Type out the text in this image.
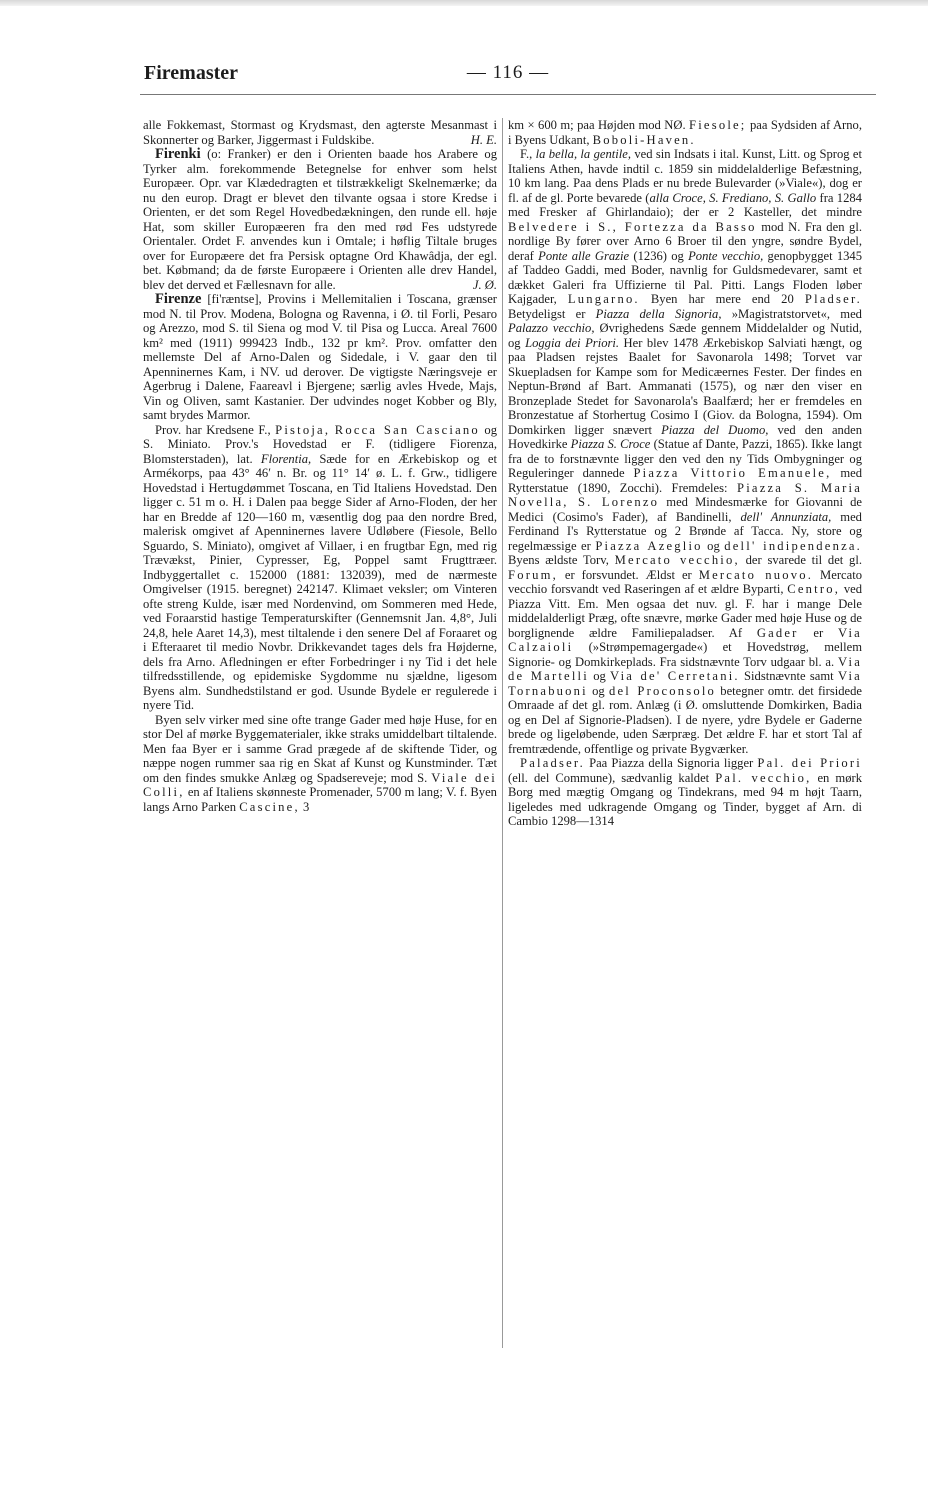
Firemaster	— 116 —

alle Fokkemast, Stormast og Krydsmast, den agterste Mesanmast i Skonnerter og Barker, Jiggermast i Fuldskibe.	H. E.

Firenki (o: Franker) er den i Orienten baade hos Arabere og Tyrker alm. forekommende Betegnelse for enhver som helst Europæer. Opr. var Klædedragten et tilstrækkeligt Skelnemærke; da nu den europ. Dragt er blevet den tilvante ogsaa i store Kredse i Orienten, er det som Regel Hovedbedækningen, den runde ell. høje Hat, som skiller Europæeren fra den med rød Fes udstyrede Orientaler. Ordet F. anvendes kun i Omtale; i høflig Tiltale bruges over for Europæere det fra Persisk optagne Ord Khawâdja, der egl. bet. Købmand; da de første Europæere i Orienten alle drev Handel, blev det derved et Fællesnavn for alle.	J. Ø.

Firenze [fi'ræntse], Provins i Mellemitalien i Toscana, grænser mod N. til Prov. Modena, Bologna og Ravenna, i Ø. til Forli, Pesaro og Arezzo, mod S. til Siena og mod V. til Pisa og Lucca. Areal 7600 km² med (1911) 999423 Indb., 132 pr km². Prov. omfatter den mellemste Del af Arno-Dalen og Sidedale, i V. gaar den til Apenninernes Kam, i NV. ud derover. De vigtigste Næringsveje er Agerbrug i Dalene, Faareavl i Bjergene; særlig avles Hvede, Majs, Vin og Oliven, samt Kastanier. Der udvindes noget Kobber og Bly, samt brydes Marmor.

Prov. har Kredsene F., Pistoja, Rocca San Casciano og S. Miniato. Prov.'s Hovedstad er F. (tidligere Fiorenza, Blomsterstaden), lat. Florentia, Sæde for en Ærkebiskop og et Armékorps, paa 43° 46′ n. Br. og 11° 14′ ø. L. f. Grw., tidligere Hovedstad i Hertugdømmet Toscana, en Tid Italiens Hovedstad. Den ligger c. 51 m o. H. i Dalen paa begge Sider af Arno-Floden, der her har en Bredde af 120—160 m, væsentlig dog paa den nordre Bred, malerisk omgivet af Apenninernes lavere Udløbere (Fiesole, Bello Sguardo, S. Miniato), omgivet af Villaer, i en frugtbar Egn, med rig Trævækst, Pinier, Cypresser, Eg, Poppel samt Frugttræer. Indbyggertallet c. 152000 (1881: 132039), med de nærmeste Omgivelser (1915. beregnet) 242147. Klimaet veksler; om Vinteren ofte streng Kulde, især med Nordenvind, om Sommeren med Hede, ved Foraarstid hastige Temperaturskifter (Gennemsnit Jan. 4,8°, Juli 24,8, hele Aaret 14,3), mest tiltalende i den senere Del af Foraaret og i Efteraaret til medio Novbr. Drikkevandet tages dels fra Højderne, dels fra Arno. Afledningen er efter Forbedringer i ny Tid i det hele tilfredsstillende, og epidemiske Sygdomme nu sjældne, ligesom Byens alm. Sundhedstilstand er god. Usunde Bydele er regulerede i nyere Tid.

Byen selv virker med sine ofte trange Gader med høje Huse, for en stor Del af mørke Byggematerialer, ikke straks umiddelbart tiltalende. Men faa Byer er i samme Grad prægede af de skiftende Tider, og næppe nogen rummer saa rig en Skat af Kunst og Kunstminder. Tæt om den findes smukke Anlæg og Spadsereveje; mod S. Viale dei Colli, en af Italiens skønneste Promenader, 5700 m lang; V. f. Byen langs Arno Parken Cascine, 3

km × 600 m; paa Højden mod NØ. Fiesole; paa Sydsiden af Arno, i Byens Udkant, Boboli-Haven.

F., la bella, la gentile, ved sin Indsats i ital. Kunst, Litt. og Sprog et Italiens Athen, havde indtil c. 1859 sin middelalderlige Befæstning, 10 km lang. Paa dens Plads er nu brede Bulevarder (»Viale«), dog er fl. af de gl. Porte bevarede (alla Croce, S. Frediano, S. Gallo fra 1284 med Fresker af Ghirlandaio); der er 2 Kasteller, det mindre Belvedere i S., Fortezza da Basso mod N. Fra den gl. nordlige By fører over Arno 6 Broer til den yngre, søndre Bydel, deraf Ponte alle Grazie (1236) og Ponte vecchio, genopbygget 1345 af Taddeo Gaddi, med Boder, navnlig for Guldsmedevarer, samt et dækket Galeri fra Uffizierne til Pal. Pitti. Langs Floden løber Kajgader, Lungarno. Byen har mere end 20 Pladser. Betydeligst er Piazza della Signoria, »Magistratstorvet«, med Palazzo vecchio, Øvrighedens Sæde gennem Middelalder og Nutid, og Loggia dei Priori. Her blev 1478 Ærkebiskop Salviati hængt, og paa Pladsen rejstes Baalet for Savonarola 1498; Torvet var Skuepladsen for Kampe som for Medicæernes Fester. Der findes en Neptun-Brønd af Bart. Ammanati (1575), og nær den viser en Bronzeplade Stedet for Savonarola's Baalfærd; her er fremdeles en Bronzestatue af Storhertug Cosimo I (Giov. da Bologna, 1594). Om Domkirken ligger snævert Piazza del Duomo, ved den anden Hovedkirke Piazza S. Croce (Statue af Dante, Pazzi, 1865). Ikke langt fra de to forstnævnte ligger den ved den ny Tids Ombygninger og Reguleringer dannede Piazza Vittorio Emanuele, med Rytterstatue (1890, Zocchi). Fremdeles: Piazza S. Maria Novella, S. Lorenzo med Mindesmærke for Giovanni de Medici (Cosimo's Fader), af Bandinelli, dell' Annunziata, med Ferdinand I's Rytterstatue og 2 Brønde af Tacca. Ny, store og regelmæssige er Piazza Azeglio og dell' indipendenza. Byens ældste Torv, Mercato vecchio, der svarede til det gl. Forum, er forsvundet. Ældst er Mercato nuovo. Mercato vecchio forsvandt ved Raseringen af et ældre Byparti, Centro, ved Piazza Vitt. Em. Men ogsaa det nuv. gl. F. har i mange Dele middelalderligt Præg, ofte snævre, mørke Gader med høje Huse og de borglignende ældre Familiepaladser. Af Gader er Via Calzaioli (»Strømpemagergade«) et Hovedstrøg, mellem Signorie- og Domkirkeplads. Fra sidstnævnte Torv udgaar bl. a. Via de Martelli og Via de' Cerretani. Sidstnævnte samt Via Tornabuoni og del Proconsolo betegner omtr. det firsidede Omraade af det gl. rom. Anlæg (i Ø. omsluttende Domkirken, Badia og en Del af Signorie-Pladsen). I de nyere, ydre Bydele er Gaderne brede og ligeløbende, uden Særpræg. Det ældre F. har et stort Tal af fremtrædende, offentlige og private Bygværker.

Paladser. Paa Piazza della Signoria ligger Pal. dei Priori (ell. del Commune), sædvanlig kaldet Pal. vecchio, en mørk Borg med mægtig Omgang og Tindekrans, med 94 m højt Taarn, ligeledes med udkragende Omgang og Tinder, bygget af Arn. di Cambio 1298—1314
